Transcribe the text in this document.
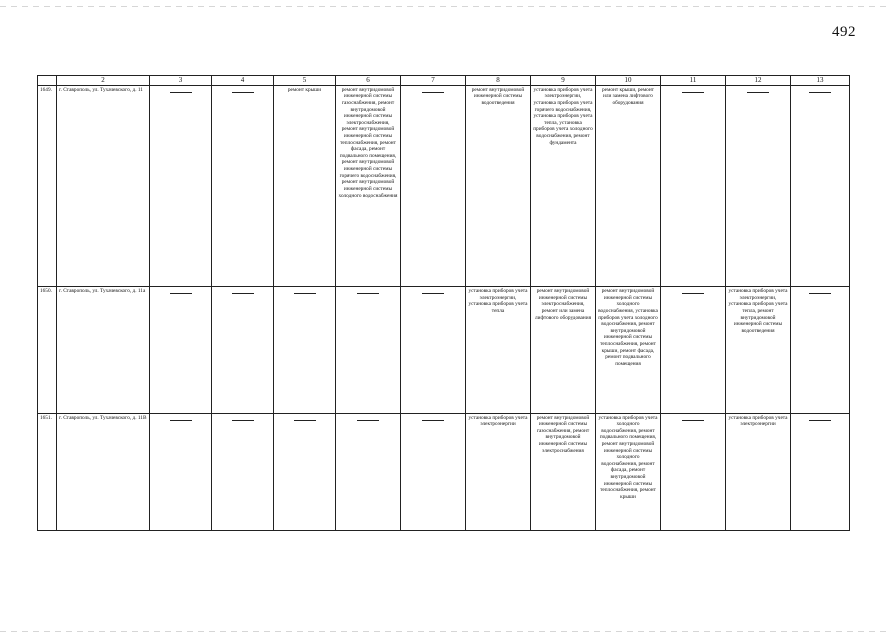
492
	2	3	4	5	6	7	8	9	10	11	12	13
1649.	г. Ставрополь, ул. Тухачевского, д. 11			ремонт крыши	ремонт внутридомовой инженерной системы газоснабжения, ремонт внутридомовой инженерной системы электроснабжения, ремонт внутридомовой инженерной системы теплоснабжения, ремонт фасада, ремонт подвального помещения, ремонт внутридомовой инженерной системы горячего водоснабжения, ремонт внутридомовой инженерной системы холодного водоснабжения		ремонт внутридомовой инженерной системы водоотведения	установка приборов учета электроэнергии, установка приборов учета горячего водоснабжения, установка приборов учета тепла, установка приборов учета холодного водоснабжения, ремонт фундамента	ремонт крыши, ремонт или замена лифтового оборудования			
1650.	г. Ставрополь, ул. Тухачевского, д. 11а						установка приборов учета электроэнергии, установка приборов учета тепла	ремонт внутридомовой инженерной системы электроснабжения, ремонт или замена лифтового оборудования	ремонт внутридомовой инженерной системы холодного водоснабжения, установка приборов учета холодного водоснабжения, ремонт внутридомовой инженерной системы теплоснабжения, ремонт крыши, ремонт фасада, ремонт подвального помещения		установка приборов учета электроэнергии, установка приборов учета тепла, ремонт внутридомовой инженерной системы водоотведения	
1651.	г. Ставрополь, ул. Тухачевского, д. 11В						установка приборов учета электроэнергии	ремонт внутридомовой инженерной системы газоснабжения, ремонт внутридомовой инженерной системы электроснабжения	установка приборов учета холодного водоснабжения, ремонт подвального помещения, ремонт внутридомовой инженерной системы холодного водоснабжения, ремонт фасада, ремонт внутридомовой инженерной системы теплоснабжения, ремонт крыши		установка приборов учета электроэнергии	
